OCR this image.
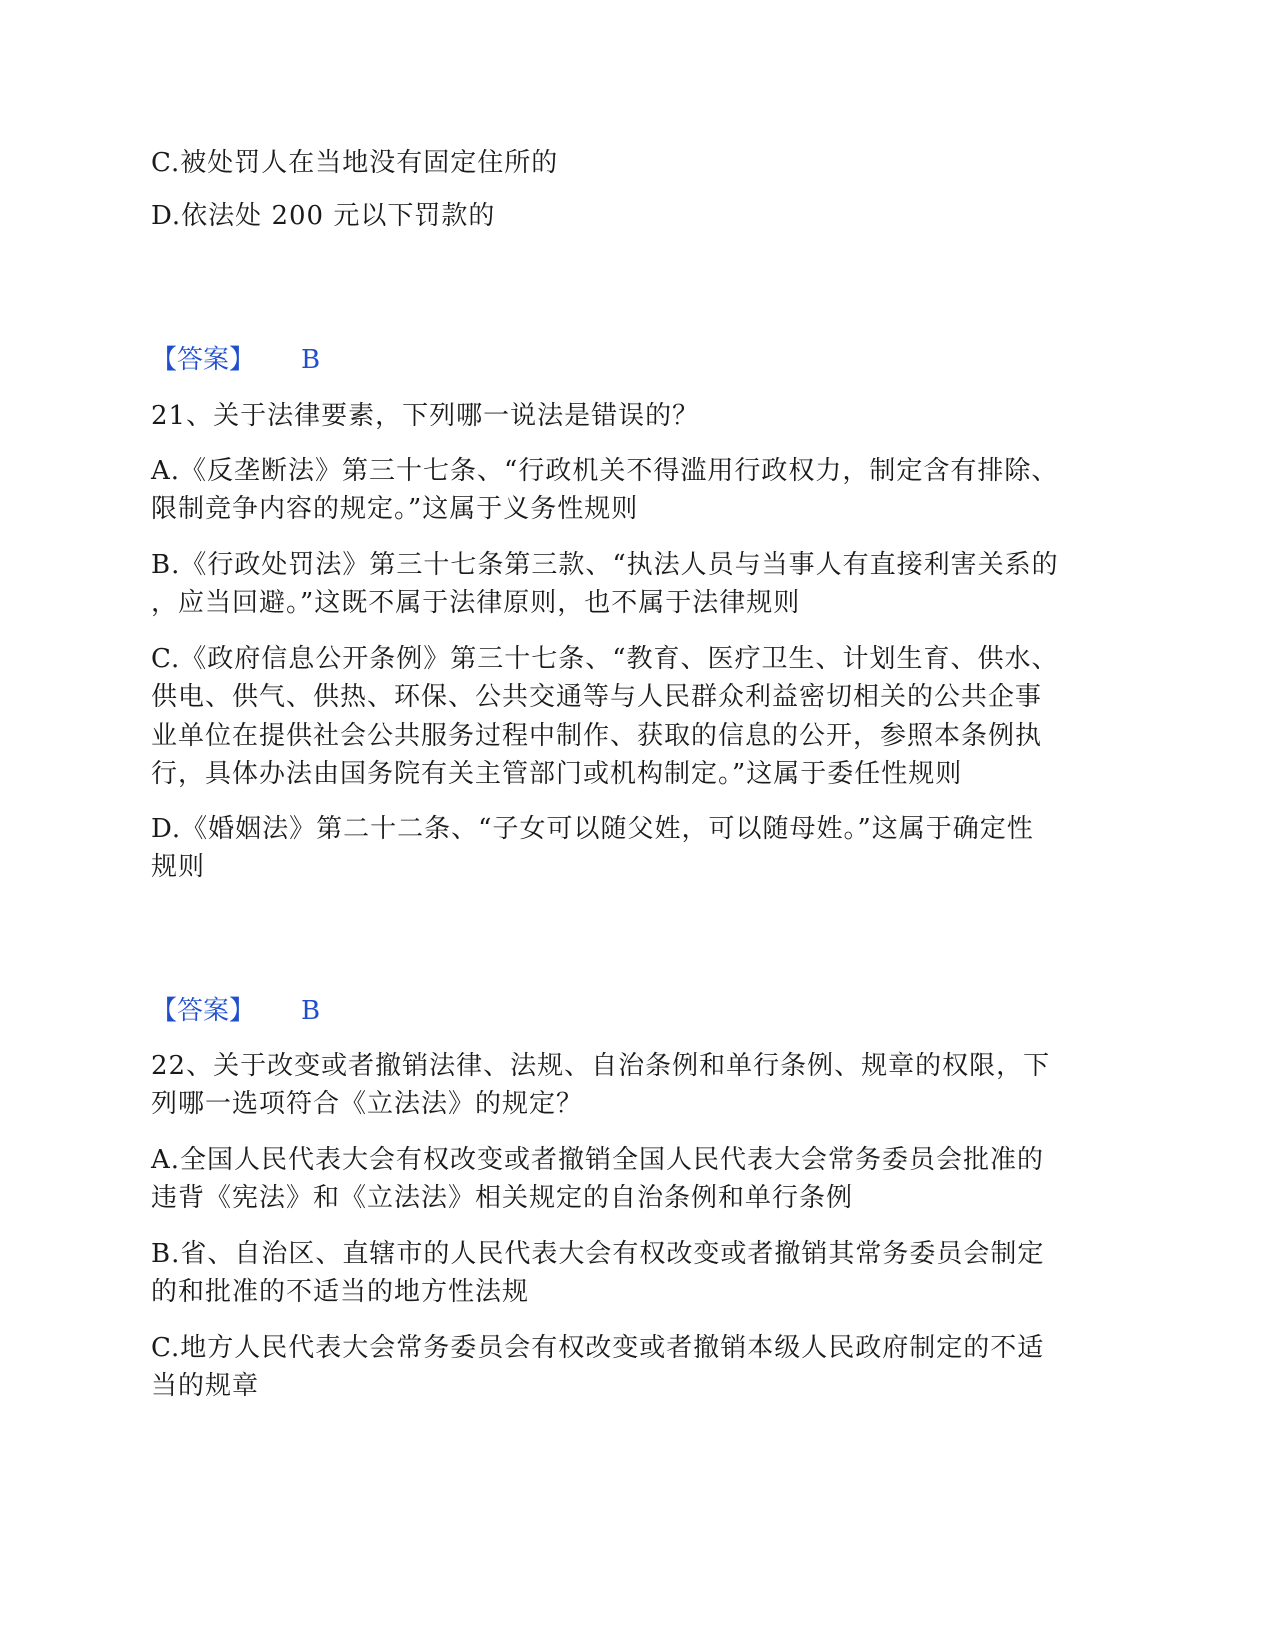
C.被处罚人在当地没有固定住所的
D.依法处 200 元以下罚款的
【答案】 B
21、关于法律要素，下列哪一说法是错误的？
A.《反垄断法》第三十七条、“行政机关不得滥用行政权力，制定含有排除、
限制竞争内容的规定。”这属于义务性规则
B.《行政处罚法》第三十七条第三款、“执法人员与当事人有直接利害关系的
，应当回避。”这既不属于法律原则，也不属于法律规则
C.《政府信息公开条例》第三十七条、“教育、医疗卫生、计划生育、供水、
供电、供气、供热、环保、公共交通等与人民群众利益密切相关的公共企事
业单位在提供社会公共服务过程中制作、获取的信息的公开，参照本条例执
行，具体办法由国务院有关主管部门或机构制定。”这属于委任性规则
D.《婚姻法》第二十二条、“子女可以随父姓，可以随母姓。”这属于确定性
规则
【答案】 B
22、关于改变或者撤销法律、法规、自治条例和单行条例、规章的权限，下
列哪一选项符合《立法法》的规定？
A.全国人民代表大会有权改变或者撤销全国人民代表大会常务委员会批准的
违背《宪法》和《立法法》相关规定的自治条例和单行条例
B.省、自治区、直辖市的人民代表大会有权改变或者撤销其常务委员会制定
的和批准的不适当的地方性法规
C.地方人民代表大会常务委员会有权改变或者撤销本级人民政府制定的不适
当的规章
